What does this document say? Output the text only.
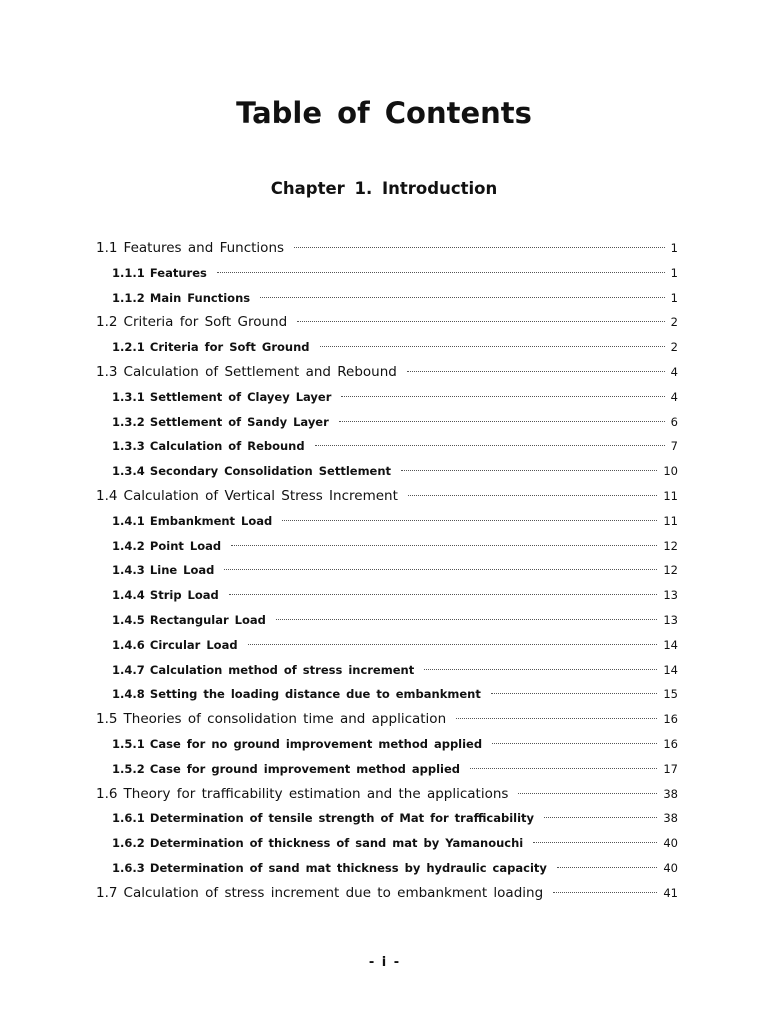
Table of Contents
Chapter 1. Introduction
1.1 Features and Functions	1
1.1.1 Features	1
1.1.2 Main Functions	1
1.2 Criteria for Soft Ground	2
1.2.1 Criteria for Soft Ground	2
1.3 Calculation of Settlement and Rebound	4
1.3.1 Settlement of Clayey Layer	4
1.3.2 Settlement of Sandy Layer	6
1.3.3 Calculation of Rebound	7
1.3.4 Secondary Consolidation Settlement	10
1.4 Calculation of Vertical Stress Increment	11
1.4.1 Embankment Load	11
1.4.2 Point Load	12
1.4.3 Line Load	12
1.4.4 Strip Load	13
1.4.5 Rectangular Load	13
1.4.6 Circular Load	14
1.4.7 Calculation method of stress increment	14
1.4.8 Setting the loading distance due to embankment	15
1.5 Theories of consolidation time and application	16
1.5.1 Case for no ground improvement method applied	16
1.5.2 Case for ground improvement method applied	17
1.6 Theory for trafficability estimation and the applications	38
1.6.1 Determination of tensile strength of Mat for trafficability	38
1.6.2 Determination of thickness of sand mat by Yamanouchi	40
1.6.3 Determination of sand mat thickness by hydraulic capacity	40
1.7 Calculation of stress increment due to embankment loading	41
- i -
